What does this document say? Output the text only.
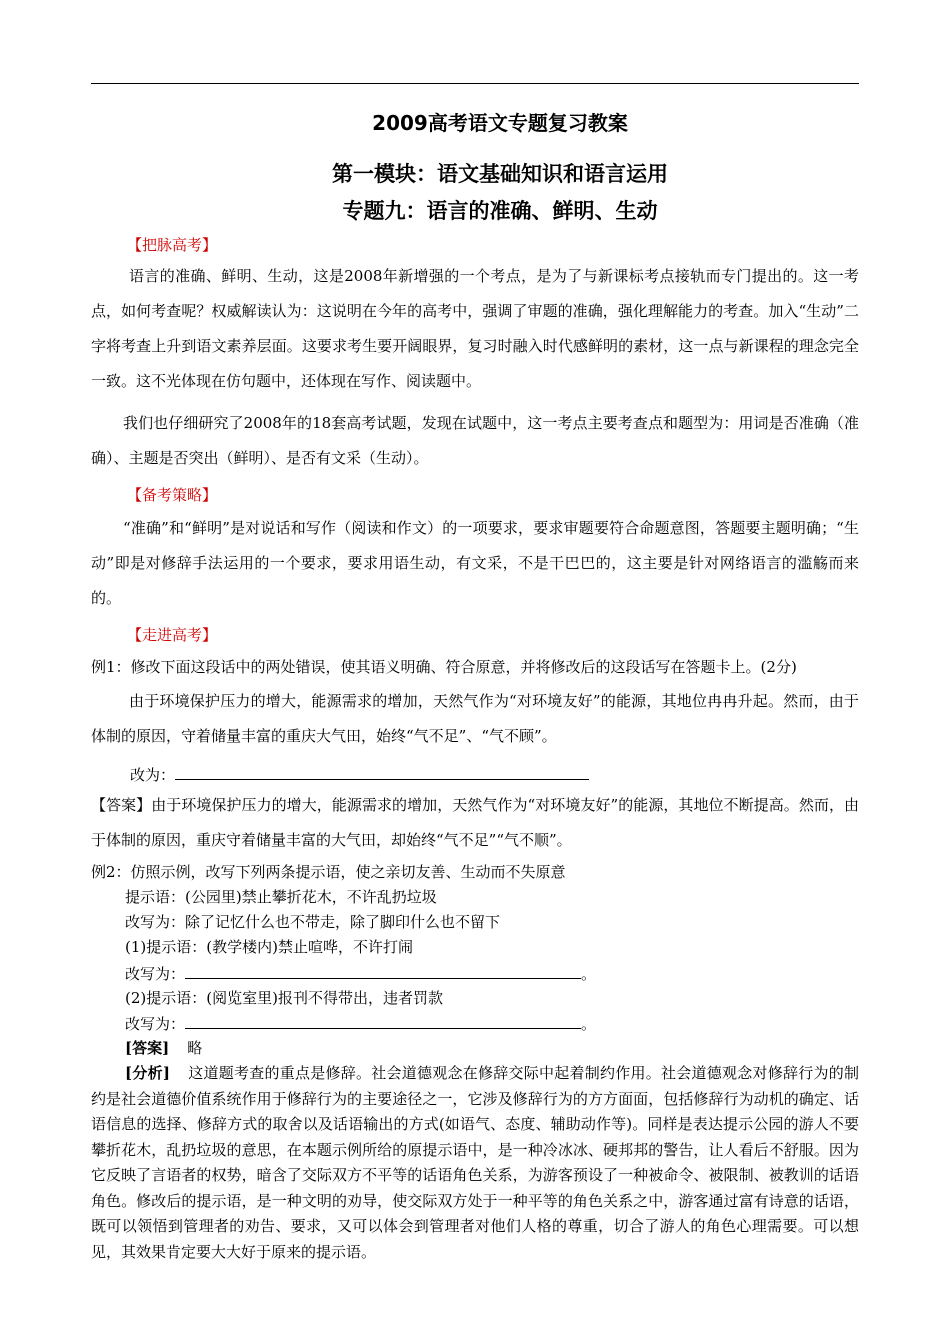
2009高考语文专题复习教案
第一模块：语文基础知识和语言运用
专题九：语言的准确、鲜明、生动
【把脉高考】
语言的准确、鲜明、生动，这是2008年新增强的一个考点，是为了与新课标考点接轨而专门提出的。这一考点，如何考查呢？权威解读认为：这说明在今年的高考中，强调了审题的准确，强化理解能力的考查。加入“生动”二字将考查上升到语文素养层面。这要求考生要开阔眼界，复习时融入时代感鲜明的素材，这一点与新课程的理念完全一致。这不光体现在仿句题中，还体现在写作、阅读题中。
我们也仔细研究了2008年的18套高考试题，发现在试题中，这一考点主要考查点和题型为：用词是否准确（准确）、主题是否突出（鲜明）、是否有文采（生动）。
【备考策略】
“准确”和“鲜明”是对说话和写作（阅读和作文）的一项要求，要求审题要符合命题意图，答题要主题明确；“生动”即是对修辞手法运用的一个要求，要求用语生动，有文采，不是干巴巴的，这主要是针对网络语言的滥觞而来的。
【走进高考】
例1：修改下面这段话中的两处错误，使其语义明确、符合原意，并将修改后的这段话写在答题卡上。(2分)
由于环境保护压力的增大，能源需求的增加，天然气作为“对环境友好”的能源，其地位冉冉升起。然而，由于体制的原因，守着储量丰富的重庆大气田，始终“气不足”、“气不顾”。
改为：
【答案】由于环境保护压力的增大，能源需求的增加，天然气作为“对环境友好”的能源，其地位不断提高。然而，由于体制的原因，重庆守着储量丰富的大气田，却始终“气不足”“气不顺”。
例2：仿照示例，改写下列两条提示语，使之亲切友善、生动而不失原意
提示语：(公园里)禁止攀折花木，不许乱扔垃圾
改写为：除了记忆什么也不带走，除了脚印什么也不留下
(1)提示语：(教学楼内)禁止喧哗，不许打闹
改写为：	。
(2)提示语：(阅览室里)报刊不得带出，违者罚款
改写为：	。
[答案] 略
[分析] 这道题考查的重点是修辞。社会道德观念在修辞交际中起着制约作用。社会道德观念对修辞行为的制约是社会道德价值系统作用于修辞行为的主要途径之一，它涉及修辞行为的方方面面，包括修辞行为动机的确定、话语信息的选择、修辞方式的取舍以及话语输出的方式(如语气、态度、辅助动作等)。同样是表达提示公园的游人不要攀折花木，乱扔垃圾的意思，在本题示例所给的原提示语中，是一种冷冰冰、硬邦邦的警告，让人看后不舒服。因为它反映了言语者的权势，暗含了交际双方不平等的话语角色关系，为游客预设了一种被命令、被限制、被教训的话语角色。修改后的提示语，是一种文明的劝导，使交际双方处于一种平等的角色关系之中，游客通过富有诗意的话语，既可以领悟到管理者的劝告、要求，又可以体会到管理者对他们人格的尊重，切合了游人的角色心理需要。可以想见，其效果肯定要大大好于原来的提示语。
